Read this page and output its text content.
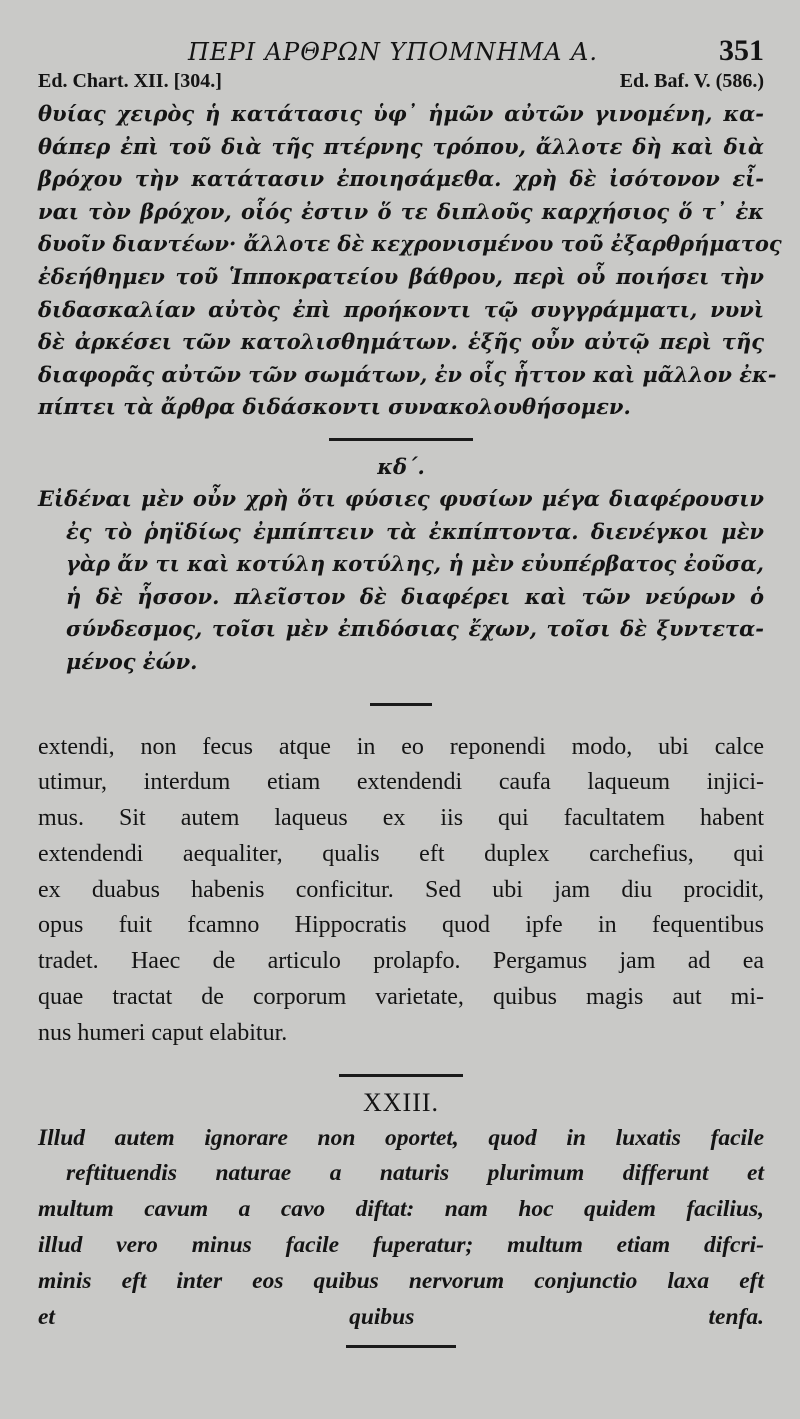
ΠΕΡΙ ΑΡΘΡΩΝ ΥΠΟΜΝΗΜΑ Α.	351
Ed. Chart. XII. [304.]	Ed. Baf. V. (586.)
θυίας χειρὸς ἡ κατάτασις ὑφ᾽ ἡμῶν αὐτῶν γινομένη, κα-
θάπερ ἐπὶ τοῦ διὰ τῆς πτέρνης τρόπου, ἄλλοτε δὴ καὶ διὰ
βρόχου τὴν κατάτασιν ἐποιησάμεθα. χρὴ δὲ ἰσότονον εἶ-
ναι τὸν βρόχον, οἷός ἐστιν ὅ τε διπλοῦς καρχήσιος ὅ τ᾽ ἐκ
δυοῖν διαντέων· ἄλλοτε δὲ κεχρονισμένου τοῦ ἐξαρθρήματος
ἐδεήθημεν τοῦ Ἱπποκρατείου βάθρου, περὶ οὗ ποιήσει τὴν
διδασκαλίαν αὐτὸς ἐπὶ προήκοντι τῷ συγγράμματι, νυνὶ
δὲ ἀρκέσει τῶν κατολισθημάτων. ἑξῆς οὖν αὐτῷ περὶ τῆς
διαφορᾶς αὐτῶν τῶν σωμάτων, ἐν οἷς ἧττον καὶ μᾶλλον ἐκ-
πίπτει τὰ ἄρθρα διδάσκοντι συνακολουθήσομεν.
κδ΄.
Εἰδέναι μὲν οὖν χρὴ ὅτι φύσιες φυσίων μέγα διαφέρουσιν
ἐς τὸ ῥηϊδίως ἐμπίπτειν τὰ ἐκπίπτοντα. διενέγκοι μὲν
γὰρ ἄν τι καὶ κοτύλη κοτύλης, ἡ μὲν εὐυπέρβατος ἐοῦσα,
ἡ δὲ ἧσσον. πλεῖστον δὲ διαφέρει καὶ τῶν νεύρων ὁ
σύνδεσμος, τοῖσι μὲν ἐπιδόσιας ἔχων, τοῖσι δὲ ξυντετα-
μένος ἐών.
extendi, non fecus atque in eo reponendi modo, ubi calce
utimur, interdum etiam extendendi caufa laqueum injici-
mus. Sit autem laqueus ex iis qui facultatem habent
extendendi aequaliter, qualis eft duplex carchefius, qui
ex duabus habenis conficitur. Sed ubi jam diu procidit,
opus fuit fcamno Hippocratis quod ipfe in fequentibus
tradet. Haec de articulo prolapfo. Pergamus jam ad ea
quae tractat de corporum varietate, quibus magis aut mi-
nus humeri caput elabitur.
XXIII.
Illud autem ignorare non oportet, quod in luxatis facile
reftituendis naturae a naturis plurimum differunt et
multum cavum a cavo diftat: nam hoc quidem facilius,
illud vero minus facile fuperatur; multum etiam difcri-
minis eft inter eos quibus nervorum conjunctio laxa eft
et quibus tenfa.
